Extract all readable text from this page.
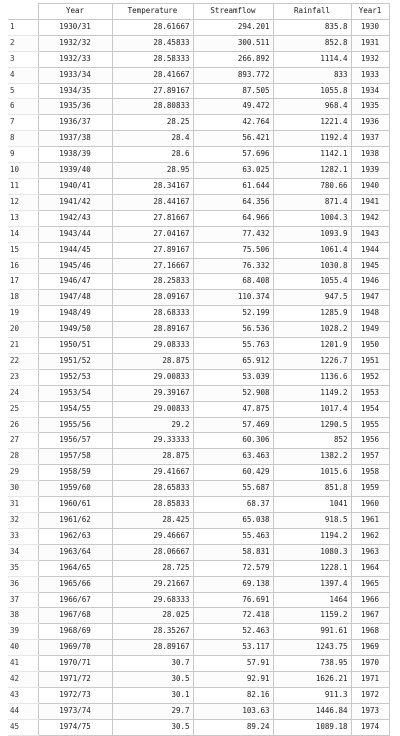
	Year	Temperature	Streamflow	Rainfall	Year1
1	1930/31	28.61667	294.201	835.8	1930
2	1932/32	28.45833	300.511	852.8	1931
3	1932/33	28.58333	266.892	1114.4	1932
4	1933/34	28.41667	893.772	833	1933
5	1934/35	27.89167	87.505	1055.8	1934
6	1935/36	28.80833	49.472	968.4	1935
7	1936/37	28.25	42.764	1221.4	1936
8	1937/38	28.4	56.421	1192.4	1937
9	1938/39	28.6	57.696	1142.1	1938
10	1939/40	28.95	63.025	1282.1	1939
11	1940/41	28.34167	61.644	780.66	1940
12	1941/42	28.44167	64.356	871.4	1941
13	1942/43	27.81667	64.966	1004.3	1942
14	1943/44	27.04167	77.432	1093.9	1943
15	1944/45	27.89167	75.506	1061.4	1944
16	1945/46	27.16667	76.332	1030.8	1945
17	1946/47	28.25833	68.408	1055.4	1946
18	1947/48	28.09167	110.374	947.5	1947
19	1948/49	28.68333	52.199	1285.9	1948
20	1949/50	28.89167	56.536	1028.2	1949
21	1950/51	29.08333	55.763	1201.9	1950
22	1951/52	28.875	65.912	1226.7	1951
23	1952/53	29.00833	53.039	1136.6	1952
24	1953/54	29.39167	52.908	1149.2	1953
25	1954/55	29.00833	47.875	1017.4	1954
26	1955/56	29.2	57.469	1290.5	1955
27	1956/57	29.33333	60.306	852	1956
28	1957/58	28.875	63.463	1382.2	1957
29	1958/59	29.41667	60.429	1015.6	1958
30	1959/60	28.65833	55.687	851.8	1959
31	1960/61	28.85833	68.37	1041	1960
32	1961/62	28.425	65.038	918.5	1961
33	1962/63	29.46667	55.463	1194.2	1962
34	1963/64	28.06667	58.831	1080.3	1963
35	1964/65	28.725	72.579	1228.1	1964
36	1965/66	29.21667	69.138	1397.4	1965
37	1966/67	29.68333	76.691	1464	1966
38	1967/68	28.025	72.418	1159.2	1967
39	1968/69	28.35267	52.463	991.61	1968
40	1969/70	28.89167	53.117	1243.75	1969
41	1970/71	30.7	57.91	738.95	1970
42	1971/72	30.5	92.91	1626.21	1971
43	1972/73	30.1	82.16	911.3	1972
44	1973/74	29.7	103.63	1446.84	1973
45	1974/75	30.5	89.24	1089.18	1974
